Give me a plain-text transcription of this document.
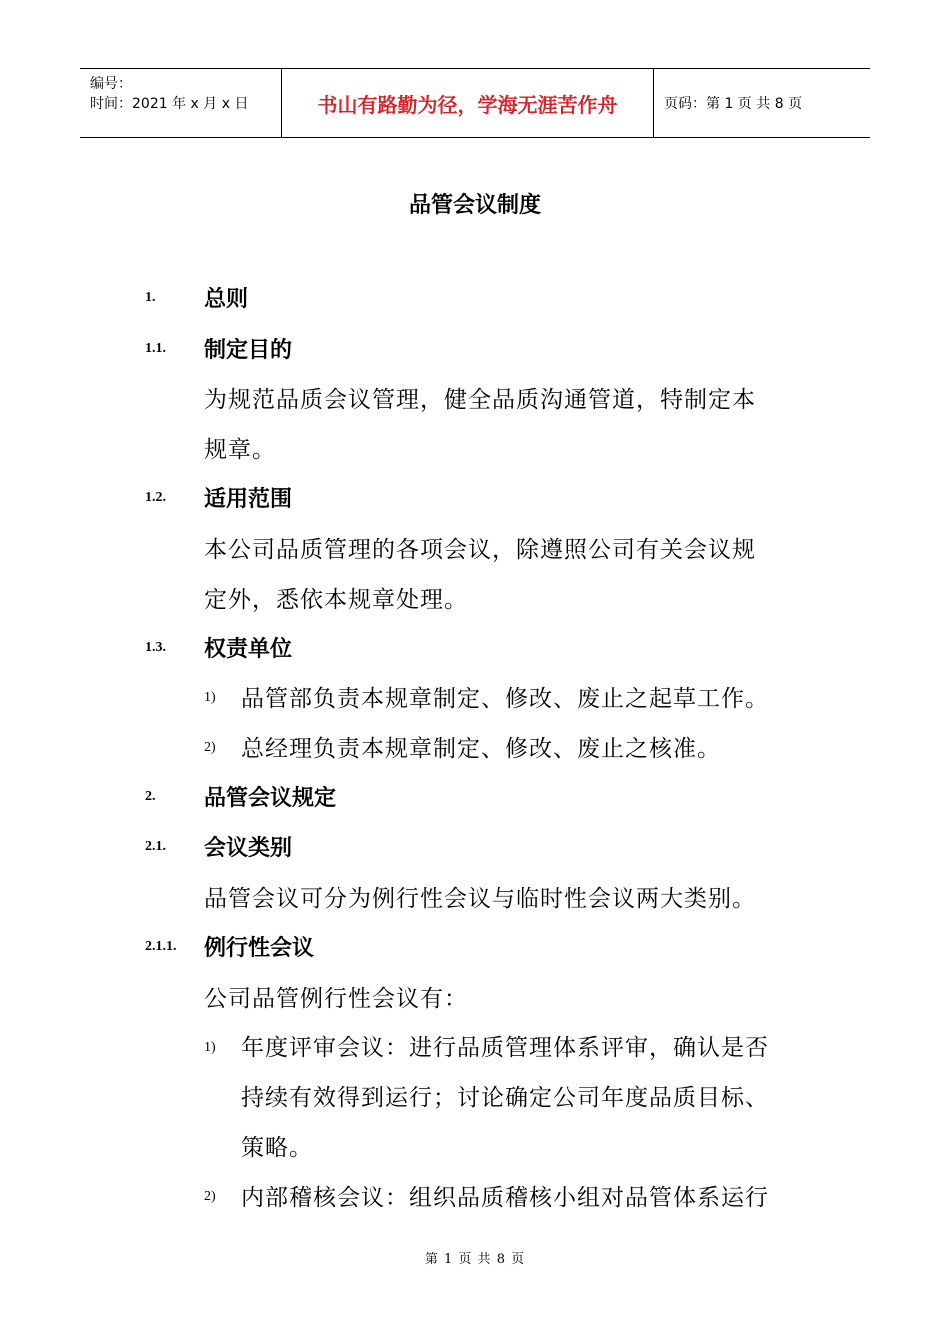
编号：
时间：2021 年 x 月 x 日	书山有路勤为径，学海无涯苦作舟	页码：第 1 页 共 8 页
品管会议制度
1. 总则
1.1. 制定目的
为规范品质会议管理，健全品质沟通管道，特制定本
规章。
1.2. 适用范围
本公司品质管理的各项会议，除遵照公司有关会议规
定外，悉依本规章处理。
1.3. 权责单位
1) 品管部负责本规章制定、修改、废止之起草工作。
2) 总经理负责本规章制定、修改、废止之核准。
2. 品管会议规定
2.1. 会议类别
品管会议可分为例行性会议与临时性会议两大类别。
2.1.1. 例行性会议
公司品管例行性会议有：
1) 年度评审会议：进行品质管理体系评审，确认是否
持续有效得到运行；讨论确定公司年度品质目标、
策略。
2) 内部稽核会议：组织品质稽核小组对品管体系运行
第 1 页 共 8 页
